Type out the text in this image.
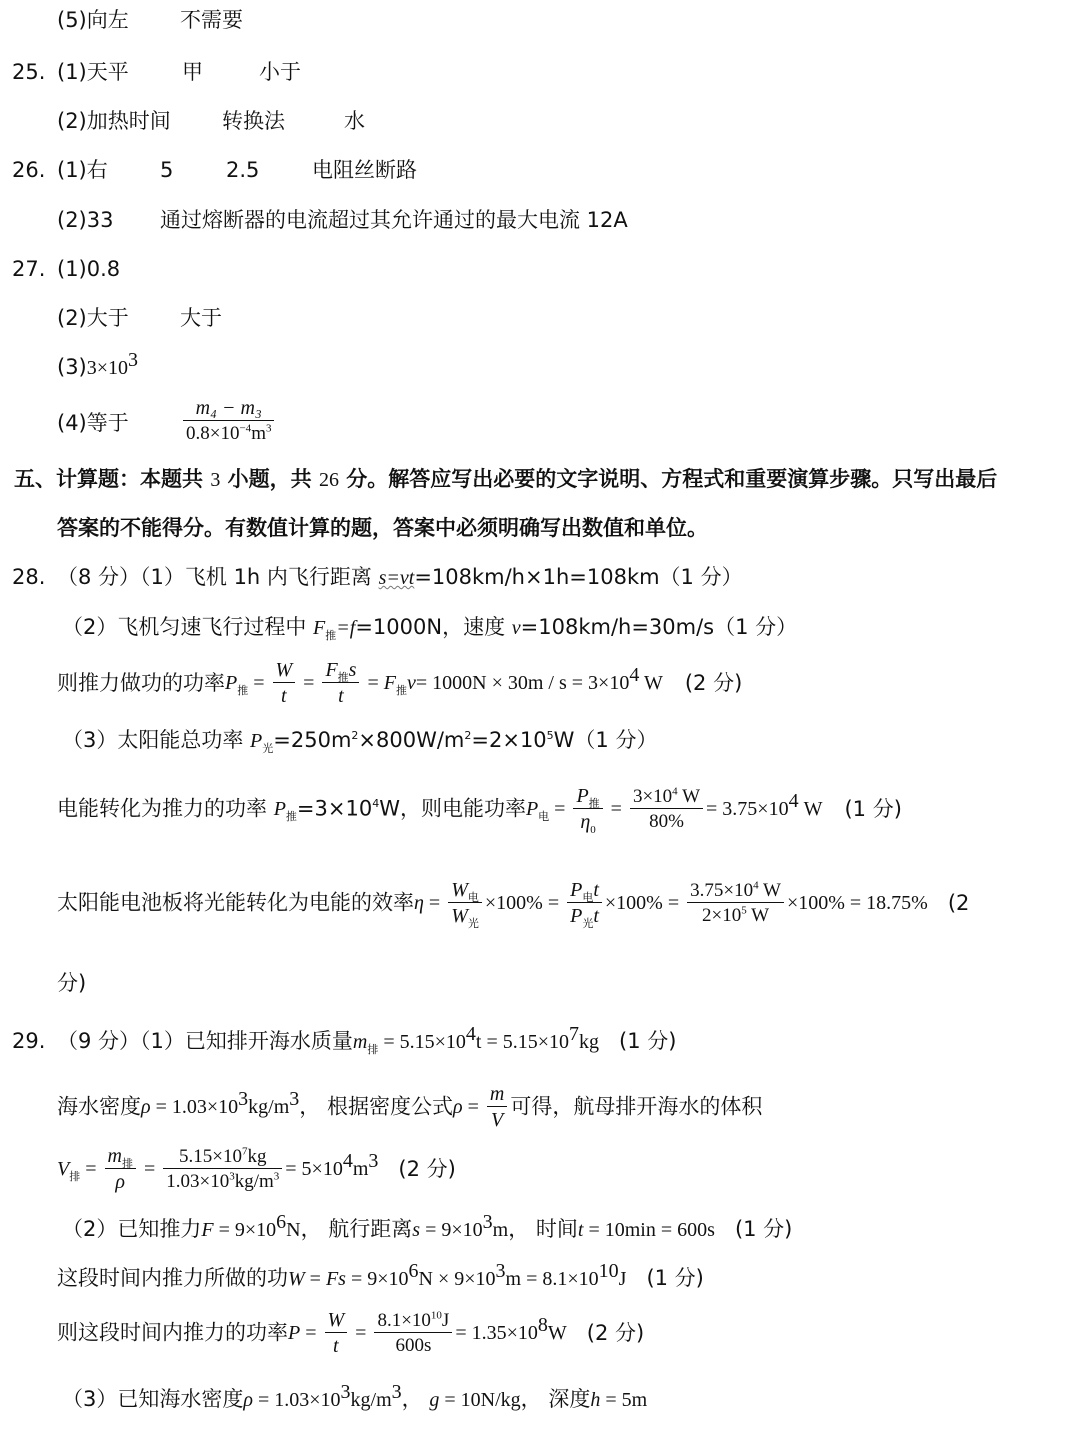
(5)向左 不需要
25. (1)天平	甲	小于
(2)加热时间 转换法	水
26. (1)右 5	2.5	电阻丝断路
(2)33 通过熔断器的电流超过其允许通过的最大电流 12A
27. (1)0.8
(2)大于 大于
$(3)3\times 10^3$
(4)等于	$\frac{\text{m₄ − m₃}}{0.8\times 10^{-4}m^3}$
五、计算题：本题共 3 小题，共 26 分。解答应写出必要的文字说明、方程式和重要演算步骤。只写出最后
答案的不能得分。有数值计算的题，答案中必须明确写出数值和单位。
28. （8 分）（1）飞机 1h 内飞行距离 s=vt=108km/h×1h=108km（1 分）
（2）飞机匀速飞行过程中 $F_推=f=1000N$，速度 v=108km/h=30m/s（1 分）
则推力做功的功率$P_推 = \frac{W}{t} = \frac{F_推s}{t} = F_推v= 1000N \times 30m / s = 3\times 10^4$ W (2 分)
（3）太阳能总功率 $P_光=250m^2\times 800W/m^2=2\times 10^5W(1$ 分）
电能转化为推力的功率 $P_推=3\times 10^4W$，则电能功率$P_电 = \frac{P_推}{\eta_0} = \frac{3\times 10^4 W}{80\%} = 3.75\times 10^4$ W (1 分)
太阳能电池板将光能转化为电能的效率$\eta = \frac{W_电}{W_光} \times 100\% = \frac{P_电t}{P_光t} \times 100\% = \frac{3.75\times 10^4 W}{2\times 10^5 W} \times 100\% = 18.75\%$ (2
分)
29. （9 分）（1）已知排开海水质量$m_排 = 5.15\times 10^4t = 5.15\times 10^7kg$ (1 分)
海水密度$\rho = 1.03\times 10^3kg/m^3$， 根据密度公式$\rho = \frac{m}{V}$ 可得，航母排开海水的体积
$V_排 = \frac{m_排}{\rho} = \frac{5.15\times 10^7kg}{1.03\times 10^3kg/m^3} = 5\times 10^4m^3$ (2 分)
（2）已知推力$F = 9\times 10^6N$， 航行距离$s = 9\times 10^3m$， 时间t = 10min = 600s (1 分)
这段时间内推力所做的功$W = Fs = 9\times 10^6N \times 9\times 10^3m = 8.1\times 10^{10}J$ (1 分)
则这段时间内推力的功率$P = \frac{W}{t} = \frac{8.1\times 10^{10}J}{600s} = 1.35\times 10^8W$ (2 分)
（3）已知海水密度$\rho = 1.03\times 10^3kg/m^3$， g = 10N/kg， 深度h = 5m
